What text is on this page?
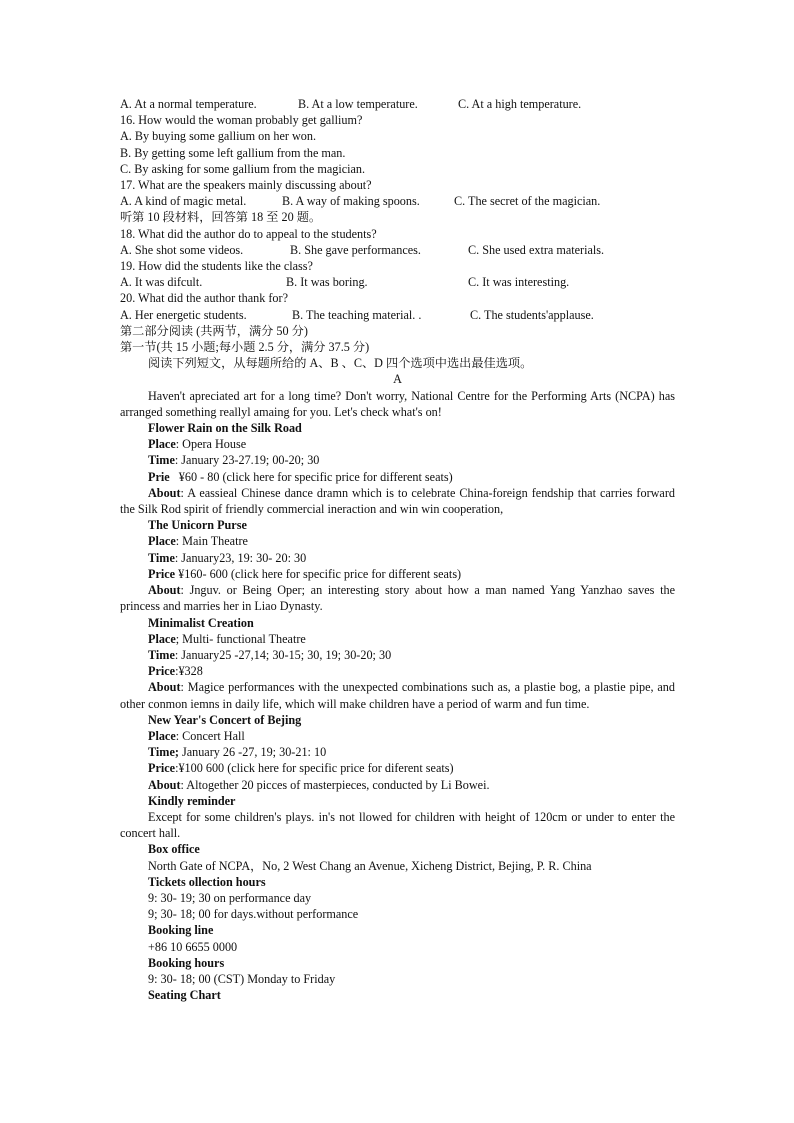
A. At a normal temperature.	B. At a low temperature.	C. At a high temperature.
16. How would the woman probably get gallium?
A. By buying some gallium on her won.
B. By getting some left gallium from the man.
C. By asking for some gallium from the magician.
17. What are the speakers mainly discussing about?
A. A kind of magic metal.	B. A way of making spoons.	C. The secret of the magician.
听第 10 段材料，回答第 18 至 20 题。
18. What did the author do to appeal to the students?
A. She shot some videos.	B. She gave performances.	C. She used extra materials.
19. How did the students like the class?
A. It was difcult.	B. It was boring.	C. It was interesting.
20. What did the author thank for?
A. Her energetic students.	B. The teaching material. .	C. The students'applause.
第二部分阅读 (共两节，满分 50 分)
第一节(共 15 小题;每小题 2.5 分，满分 37.5 分)
阅读下列短文，从每题所给的 A、B 、C、D 四个选项中选出最佳选项。
A
Haven't apreciated art for a long time? Don't worry, National Centre for the Performing Arts (NCPA) has arranged something reallyl amaing for you. Let's check what's on!
Flower Rain on the Silk Road
Place: Opera House
Time: January 23-27.19; 00-20; 30
Prie   ¥60 - 80 (click here for specific price for different seats)
About: A eassieal Chinese dance dramn which is to celebrate China-foreign fendship that carries forward the Silk Rod spirit of friendly commercial ineraction and win win cooperation,
The Unicorn Purse
Place: Main Theatre
Time: January23, 19: 30- 20: 30
Price ¥160- 600 (click here for specific price for different seats)
About: Jnguv. or Being Oper; an interesting story about how a man named Yang Yanzhao saves the princess and marries her in Liao Dynasty.
Minimalist Creation
Place; Multi- functional Theatre
Time: January25 -27,14; 30-15; 30, 19; 30-20; 30
Price:¥328
About: Magice performances with the unexpected combinations such as, a plastie bog, a plastie pipe, and other conmon iemns in daily life, which will make children have a period of warm and fun time.
New Year's Concert of Bejing
Place: Concert Hall
Time; January 26 -27, 19; 30-21: 10
Price:¥100 600 (click here for specific price for diferent seats)
About: Altogether 20 picces of masterpieces, conducted by Li Bowei.
Kindly reminder
Except for some children's plays. in's not llowed for children with height of 120cm or under to enter the concert hall.
Box office
North Gate of NCPA，No, 2 West Chang an Avenue, Xicheng District, Bejing, P. R. China
Tickets ollection hours
9: 30- 19; 30 on performance day
9; 30- 18; 00 for days.without performance
Booking line
+86 10 6655 0000
Booking hours
9: 30- 18; 00 (CST) Monday to Friday
Seating Chart
